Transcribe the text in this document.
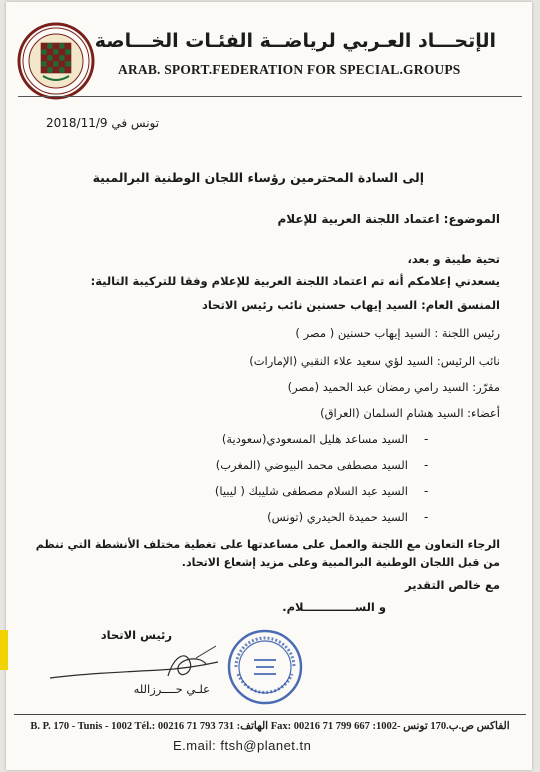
الإتحـــاد العـربي لرياضــة الفئـات الخـــاصة
ARAB. SPORT.FEDERATION FOR SPECIAL.GROUPS
تونس في 2018/11/9
إلى السادة المحترمين رؤساء اللجان الوطنية البرالمبية
الموضوع: اعتماد اللجنة العربية للإعلام
تحية طيبة و بعد،
يسعدني إعلامكم أنه تم اعتماد اللجنة العربية للإعلام وفقا للتركيبة التالية:
المنسق العام: السيد إيهاب حسنين نائب رئيس الاتحاد
رئيس اللجنة : السيد إيهاب حسنين ( مصر )
نائب الرئيس: السيد لؤي سعيد علاء النقبي (الإمارات)
مقرّر: السيد رامي رمضان عبد الحميد (مصر)
أعضاء: السيد هشام السلمان (العراق)
السيد مساعد هليل المسعودي(سعودية) -
السيد مصطفى محمد البيوضي (المغرب) -
السيد عبد السلام مصطفى شليبك ( ليبيا) -
السيد حميدة الحيدري (تونس) -
الرجاء التعاون مع اللجنة والعمل على مساعدتها على تغطية مختلف الأنشطة التي تنظم
من قبل اللجان الوطنية البرالمبية وعلى مزيد إشعاع الاتحاد.
مع خالص التقدير
و الســـــــــــــلام.
رئيس الاتحاد
علـي حــــرزالله
B. P. 170 - Tunis - 1002 Tél.: 00216 71 793 731 :الهاتف Fax: 00216 71 799 667 :الفاكس ص.ب.170 تونس -1002
E.mail: ftsh@planet.tn
